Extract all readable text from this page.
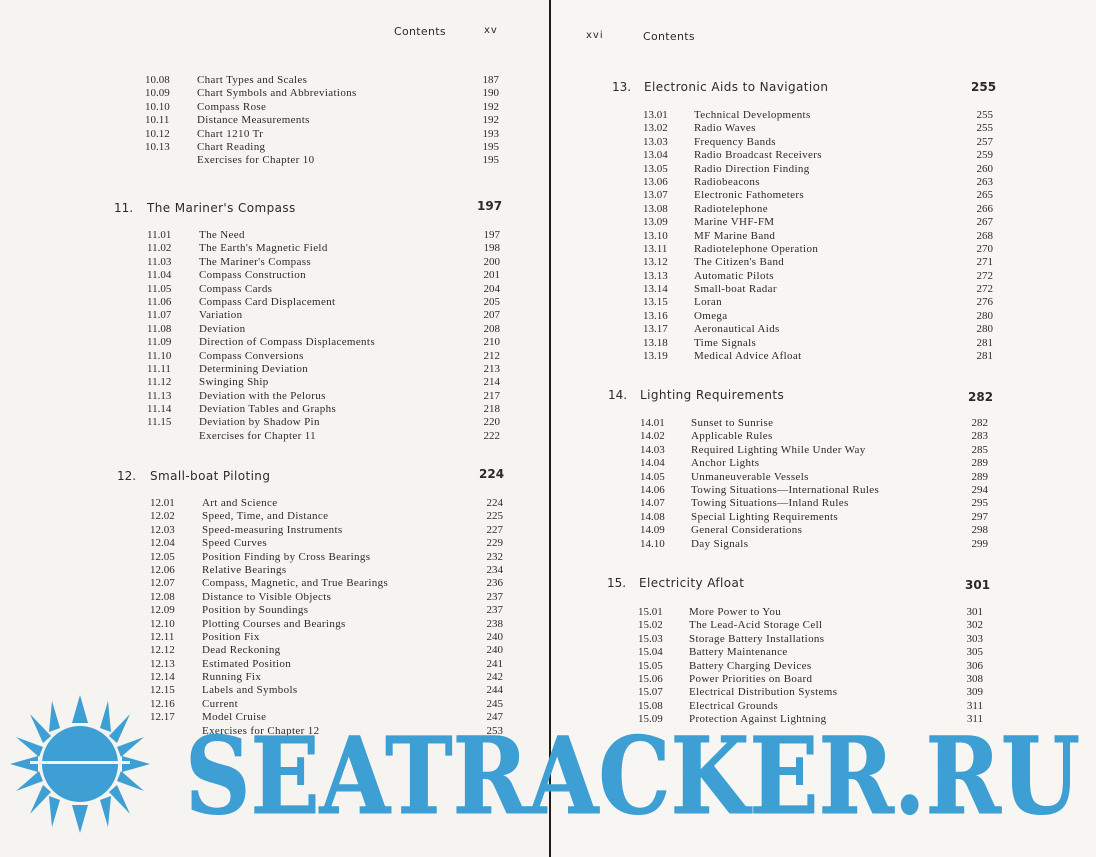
Contents	xv
10.08 Chart Types and Scales	187
10.09 Chart Symbols and Abbreviations	190
10.10 Compass Rose	192
10.11	Distance Measurements	192
10.12 Chart 1210 Tr	193
10.13 Chart Reading	195
Exercises for Chapter 10	195
11. The Mariner's Compass	197
11.01	The Need	197
11.02	The Earth's Magnetic Field	198
11.03	The Mariner's Compass	200
11.04	Compass Construction	201
11.05	Compass Cards	204
11.06	Compass Card Displacement	205
11.07	Variation	207
11.08	Deviation	208
11.09	Direction of Compass Displacements	210
11.10	Compass Conversions	212
11.11	Determining Deviation	213
11.12	Swinging Ship	214
11.13	Deviation with the Pelorus	217
11.14	Deviation Tables and Graphs	218
11.15	Deviation by Shadow Pin	220
Exercises for Chapter 11	222
12. Small-boat Piloting	224
12.01 Art and Science	224
12.02 Speed, Time, and Distance	225
12.03 Speed-measuring Instruments	227
12.04 Speed Curves	229
12.05 Position Finding by Cross Bearings	232
12.06 Relative Bearings	234
12.07 Compass, Magnetic, and True Bearings	236
12.08 Distance to Visible Objects	237
12.09 Position by Soundings	237
12.10 Plotting Courses and Bearings	238
12.11	Position Fix	240
12.12 Dead Reckoning	240
12.13 Estimated Position	241
12.14 Running Fix	242
12.15 Labels and Symbols	244
12.16 Current	245
12.17 Model Cruise	247
Exercises for Chapter 12	253
xvi	Contents
13. Electronic Aids to Navigation	255
13.01 Technical Developments	255
13.02 Radio Waves	255
13.03 Frequency Bands	257
13.04 Radio Broadcast Receivers	259
13.05 Radio Direction Finding	260
13.06 Radiobeacons	263
13.07 Electronic Fathometers	265
13.08 Radiotelephone	266
13.09 Marine VHF-FM	267
13.10 MF Marine Band	268
13.11 Radiotelephone Operation	270
13.12 The Citizen's Band	271
13.13 Automatic Pilots	272
13.14 Small-boat Radar	272
13.15 Loran	276
13.16 Omega	280
13.17 Aeronautical Aids	280
13.18 Time Signals	281
13.19 Medical Advice Afloat	281
14. Lighting Requirements	282
14.01 Sunset to Sunrise	282
14.02 Applicable Rules	283
14.03 Required Lighting While Under Way	285
14.04 Anchor Lights	289
14.05 Unmaneuverable Vessels	289
14.06 Towing Situations—International Rules	294
14.07 Towing Situations—Inland Rules	295
14.08 Special Lighting Requirements	297
14.09 General Considerations	298
14.10 Day Signals	299
15. Electricity Afloat	301
15.01 More Power to You	301
15.02 The Lead-Acid Storage Cell	302
15.03 Storage Battery Installations	303
15.04 Battery Maintenance	305
15.05 Battery Charging Devices	306
15.06 Power Priorities on Board	308
15.07 Electrical Distribution Systems	309
15.08 Electrical Grounds	311
15.09 Protection Against Lightning	311
SEATRACKER.RU
